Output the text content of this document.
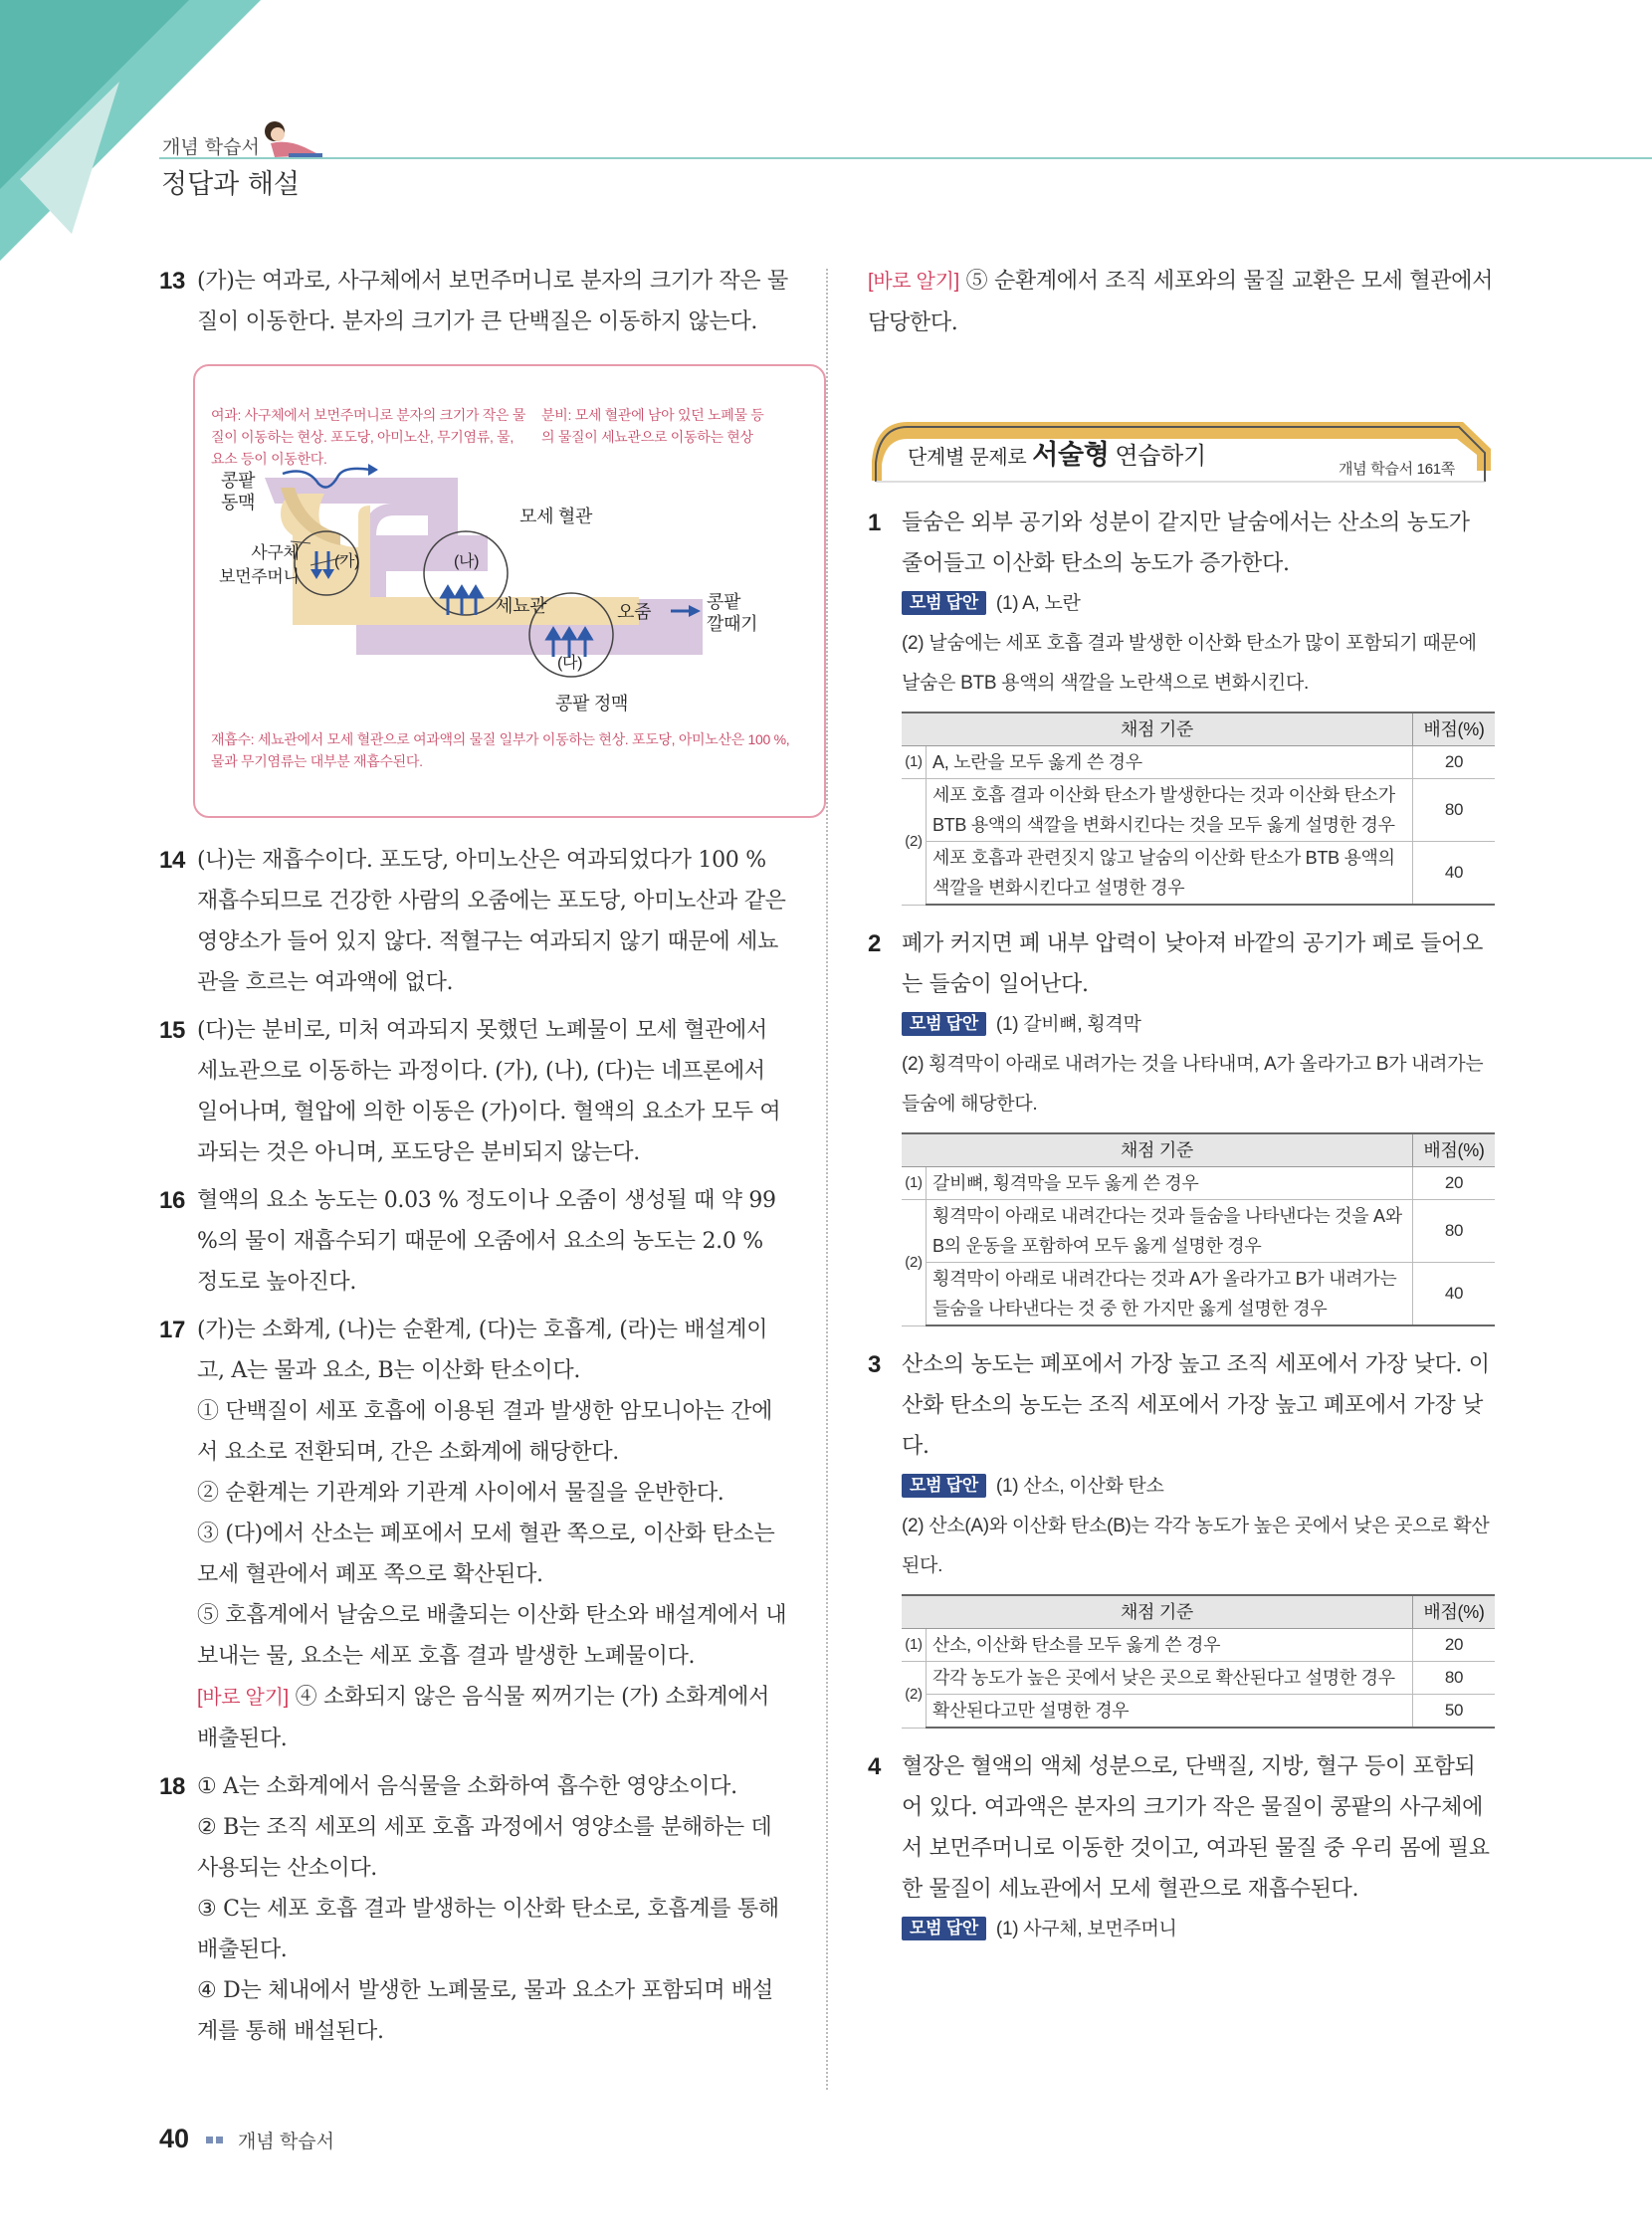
개념 학습서
정답과 해설
13 (가)는 여과로, 사구체에서 보먼주머니로 분자의 크기가 작은 물질이 이동한다. 분자의 크기가 큰 단백질은 이동하지 않는다.

여과: 사구체에서 보먼주머니로 분자의 크기가 작은 물질이 이동하는 현상. 포도당, 아미노산, 무기염류, 물, 요소 등이 이동한다.
분비: 모세 혈관에 남아 있던 노폐물 등의 물질이 세뇨관으로 이동하는 현상
콩팥
동맥
모세 혈관
사구체
보먼주머니
(가)	(나)
세뇨관	오줌	콩팥
깔때기
(다)
콩팥 정맥
재흡수: 세뇨관에서 모세 혈관으로 여과액의 물질 일부가 이동하는 현상. 포도당, 아미노산은 100 %, 물과 무기염류는 대부분 재흡수된다.
14 (나)는 재흡수이다. 포도당, 아미노산은 여과되었다가 100 % 재흡수되므로 건강한 사람의 오줌에는 포도당, 아미노산과 같은 영양소가 들어 있지 않다. 적혈구는 여과되지 않기 때문에 세뇨관을 흐르는 여과액에 없다.

15 (다)는 분비로, 미처 여과되지 못했던 노폐물이 모세 혈관에서 세뇨관으로 이동하는 과정이다. (가), (나), (다)는 네프론에서 일어나며, 혈압에 의한 이동은 (가)이다. 혈액의 요소가 모두 여과되는 것은 아니며, 포도당은 분비되지 않는다.

16 혈액의 요소 농도는 0.03 % 정도이나 오줌이 생성될 때 약 99 %의 물이 재흡수되기 때문에 오줌에서 요소의 농도는 2.0 % 정도로 높아진다.

17 (가)는 소화계, (나)는 순환계, (다)는 호흡계, (라)는 배설계이고, A는 물과 요소, B는 이산화 탄소이다.

① 단백질이 세포 호흡에 이용된 결과 발생한 암모니아는 간에서 요소로 전환되며, 간은 소화계에 해당한다.

② 순환계는 기관계와 기관계 사이에서 물질을 운반한다.

③ (다)에서 산소는 폐포에서 모세 혈관 쪽으로, 이산화 탄소는 모세 혈관에서 폐포 쪽으로 확산된다.

⑤ 호흡계에서 날숨으로 배출되는 이산화 탄소와 배설계에서 내보내는 물, 요소는 세포 호흡 결과 발생한 노폐물이다.

[바로 알기] ④ 소화되지 않은 음식물 찌꺼기는 (가) 소화계에서 배출된다.

18 ① A는 소화계에서 음식물을 소화하여 흡수한 영양소이다.

② B는 조직 세포의 세포 호흡 과정에서 영양소를 분해하는 데 사용되는 산소이다.

③ C는 세포 호흡 결과 발생하는 이산화 탄소로, 호흡계를 통해 배출된다.

④ D는 체내에서 발생한 노폐물로, 물과 요소가 포함되며 배설계를 통해 배설된다.

[바로 알기] ⑤ 순환계에서 조직 세포와의 물질 교환은 모세 혈관에서 담당한다.

단계별 문제로 서술형 연습하기	개념 학습서 161쪽
1 들숨은 외부 공기와 성분이 같지만 날숨에서는 산소의 농도가 줄어들고 이산화 탄소의 농도가 증가한다.

모범 답안 (1) A, 노란
(2) 날숨에는 세포 호흡 결과 발생한 이산화 탄소가 많이 포함되기 때문에 날숨은 BTB 용액의 색깔을 노란색으로 변화시킨다.
채점 기준		배점(%)
(1)	A, 노란을 모두 옳게 쓴 경우	20
(2)	세포 호흡 결과 이산화 탄소가 발생한다는 것과 이산화 탄소가 BTB 용액의 색깔을 변화시킨다는 것을 모두 옳게 설명한 경우	80
	세포 호흡과 관련짓지 않고 날숨의 이산화 탄소가 BTB 용액의 색깔을 변화시킨다고 설명한 경우	40
2 폐가 커지면 폐 내부 압력이 낮아져 바깥의 공기가 폐로 들어오는 들숨이 일어난다.

모범 답안 (1) 갈비뼈, 횡격막
(2) 횡격막이 아래로 내려가는 것을 나타내며, A가 올라가고 B가 내려가는 들숨에 해당한다.
채점 기준		배점(%)
(1)	갈비뼈, 횡격막을 모두 옳게 쓴 경우	20
(2)	횡격막이 아래로 내려간다는 것과 들숨을 나타낸다는 것을 A와 B의 운동을 포함하여 모두 옳게 설명한 경우	80
	횡격막이 아래로 내려간다는 것과 A가 올라가고 B가 내려가는 들숨을 나타낸다는 것 중 한 가지만 옳게 설명한 경우	40
3 산소의 농도는 폐포에서 가장 높고 조직 세포에서 가장 낮다. 이산화 탄소의 농도는 조직 세포에서 가장 높고 폐포에서 가장 낮다.

모범 답안 (1) 산소, 이산화 탄소
(2) 산소(A)와 이산화 탄소(B)는 각각 농도가 높은 곳에서 낮은 곳으로 확산된다.
채점 기준		배점(%)
(1)	산소, 이산화 탄소를 모두 옳게 쓴 경우	20
(2)	각각 농도가 높은 곳에서 낮은 곳으로 확산된다고 설명한 경우	80
	확산된다고만 설명한 경우	50
4 혈장은 혈액의 액체 성분으로, 단백질, 지방, 혈구 등이 포함되어 있다. 여과액은 분자의 크기가 작은 물질이 콩팥의 사구체에서 보먼주머니로 이동한 것이고, 여과된 물질 중 우리 몸에 필요한 물질이 세뇨관에서 모세 혈관으로 재흡수된다.

모범 답안 (1) 사구체, 보먼주머니
40	개념 학습서
